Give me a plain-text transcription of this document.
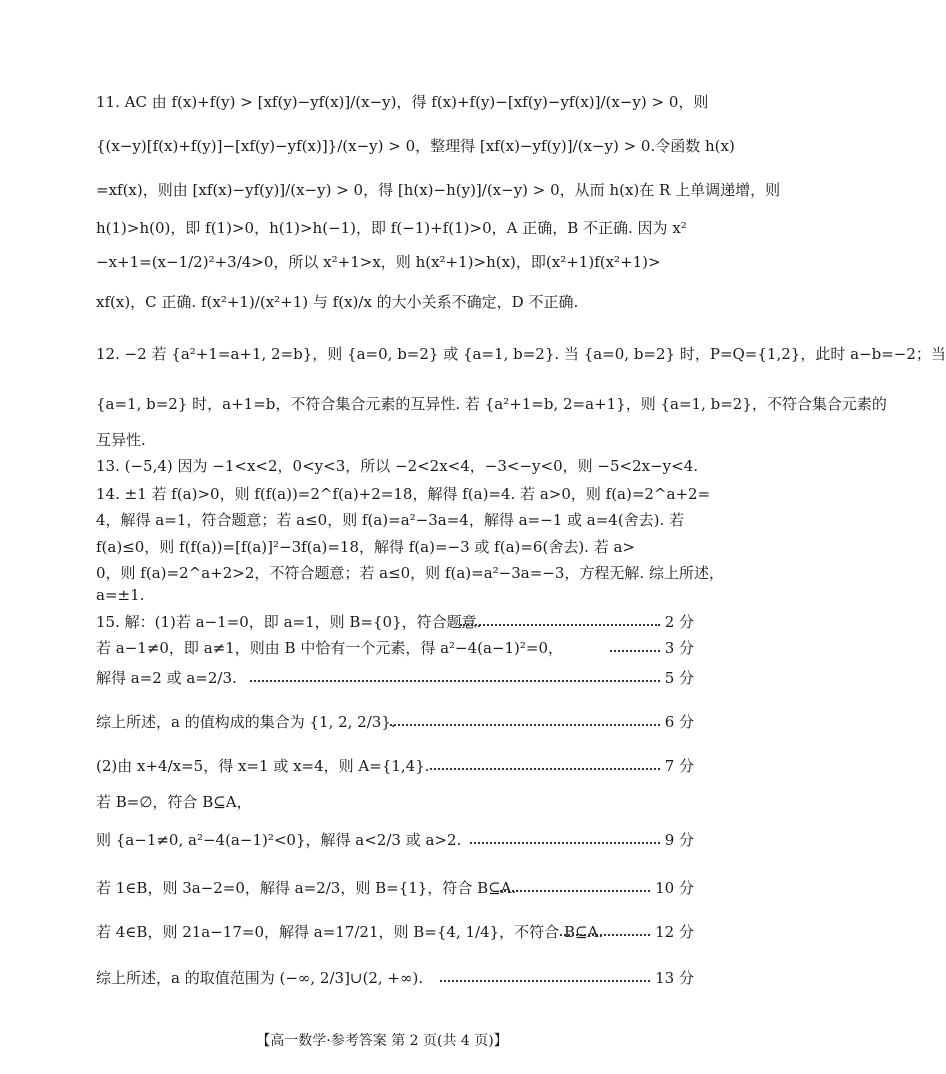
11. AC 由 f(x)+f(y) > [xf(y)−yf(x)]/(x−y)，得 f(x)+f(y)−[xf(y)−yf(x)]/(x−y) > 0，则
{(x−y)[f(x)+f(y)]−[xf(y)−yf(x)]}/(x−y) > 0，整理得 [xf(x)−yf(y)]/(x−y) > 0.令函数 h(x)
=xf(x)，则由 [xf(x)−yf(y)]/(x−y) > 0，得 [h(x)−h(y)]/(x−y) > 0，从而 h(x)在 R 上单调递增，则
h(1)>h(0)，即 f(1)>0，h(1)>h(−1)，即 f(−1)+f(1)>0，A 正确，B 不正确. 因为 x²
−x+1=(x−1/2)²+3/4>0，所以 x²+1>x，则 h(x²+1)>h(x)，即(x²+1)f(x²+1)>
xf(x)，C 正确. f(x²+1)/(x²+1) 与 f(x)/x 的大小关系不确定，D 不正确.
12. −2 若 {a²+1=a+1, 2=b}，则 {a=0, b=2} 或 {a=1, b=2}. 当 {a=0, b=2} 时，P=Q={1,2}，此时 a−b=−2；当
{a=1, b=2} 时，a+1=b，不符合集合元素的互异性. 若 {a²+1=b, 2=a+1}，则 {a=1, b=2}，不符合集合元素的
互异性.
13. (−5,4) 因为 −1<x<2，0<y<3，所以 −2<2x<4，−3<−y<0，则 −5<2x−y<4.
14. ±1 若 f(a)>0，则 f(f(a))=2^f(a)+2=18，解得 f(a)=4. 若 a>0，则 f(a)=2^a+2=
4，解得 a=1，符合题意；若 a≤0，则 f(a)=a²−3a=4，解得 a=−1 或 a=4(舍去). 若
f(a)≤0，则 f(f(a))=[f(a)]²−3f(a)=18，解得 f(a)=−3 或 f(a)=6(舍去). 若 a>
0，则 f(a)=2^a+2>2，不符合题意；若 a≤0，则 f(a)=a²−3a=−3，方程无解. 综上所述，
a=±1.
15. 解：(1)若 a−1=0，即 a=1，则 B={0}，符合题意.	2 分
若 a−1≠0，即 a≠1，则由 B 中恰有一个元素，得 a²−4(a−1)²=0，	3 分
解得 a=2 或 a=2/3.	5 分
综上所述，a 的值构成的集合为 {1, 2, 2/3}.	6 分
(2)由 x+4/x=5，得 x=1 或 x=4，则 A={1,4}.	7 分
若 B=∅，符合 B⊆A，
则 {a−1≠0, a²−4(a−1)²<0}，解得 a<2/3 或 a>2.	9 分
若 1∈B，则 3a−2=0，解得 a=2/3，则 B={1}，符合 B⊆A.	10 分
若 4∈B，则 21a−17=0，解得 a=17/21，则 B={4, 1/4}，不符合 B⊆A.	12 分
综上所述，a 的取值范围为 (−∞, 2/3]∪(2, +∞).	13 分
【高一数学·参考答案 第 2 页(共 4 页)】
